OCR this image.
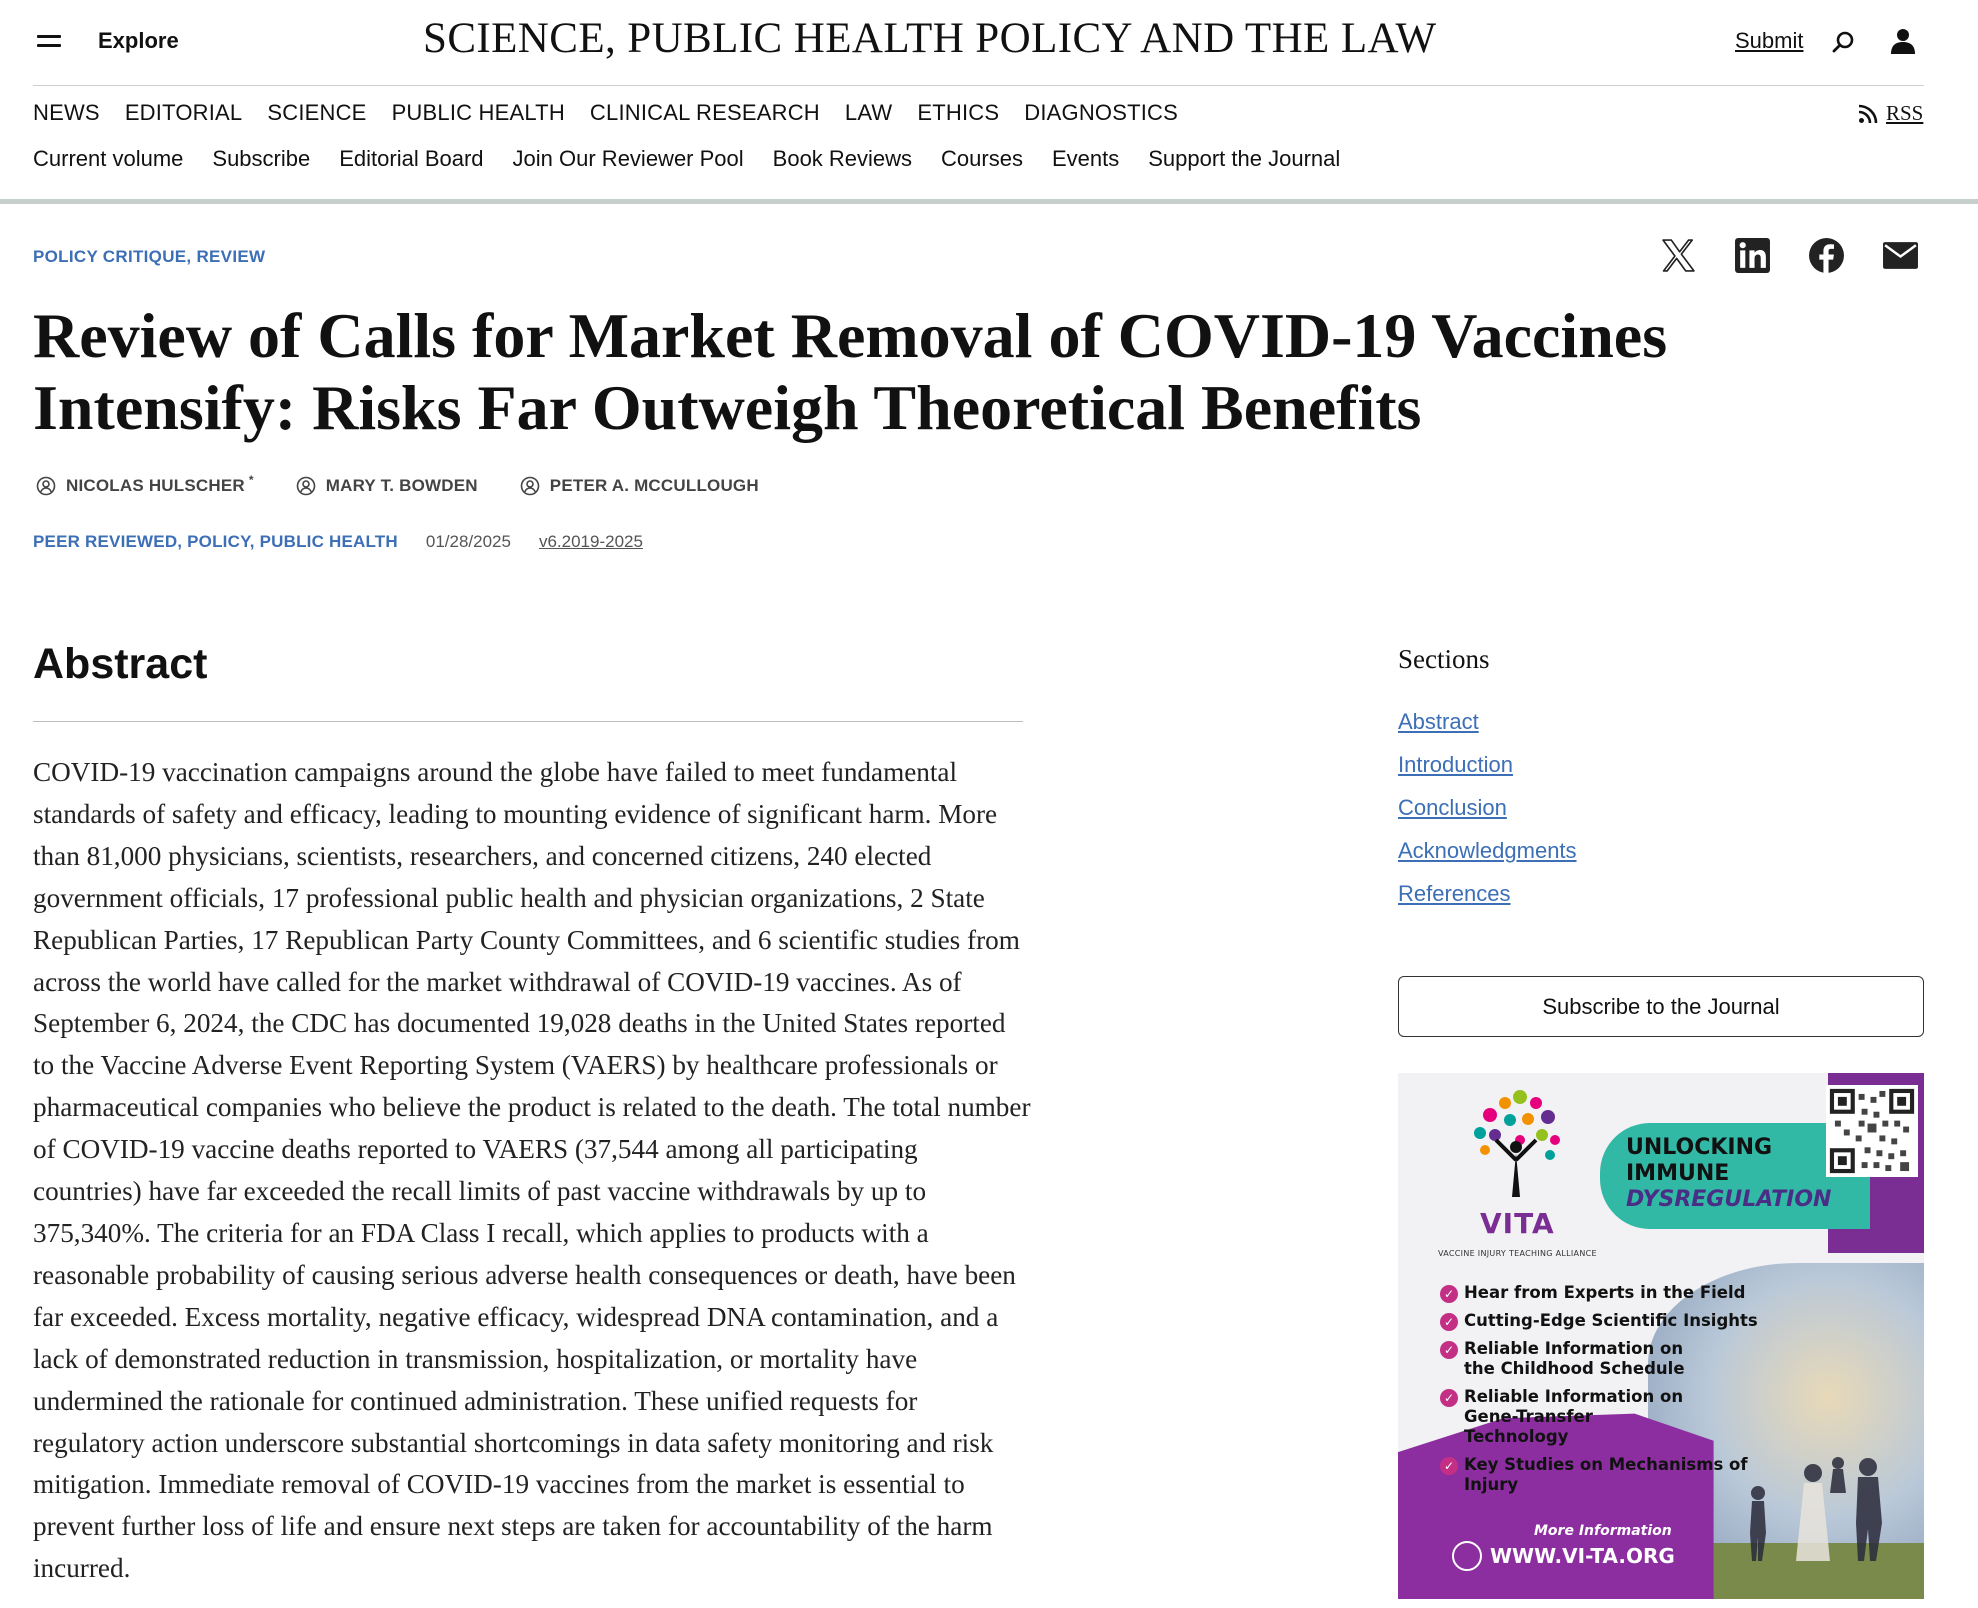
Explore	SCIENCE, PUBLIC HEALTH POLICY AND THE LAW	Submit
NEWS EDITORIAL SCIENCE PUBLIC HEALTH CLINICAL RESEARCH LAW ETHICS DIAGNOSTICS	RSS
Current volume Subscribe Editorial Board Join Our Reviewer Pool Book Reviews Courses Events Support the Journal
POLICY CRITIQUE, REVIEW
Review of Calls for Market Removal of COVID-19 Vaccines Intensify: Risks Far Outweigh Theoretical Benefits
NICOLAS HULSCHER *	MARY T. BOWDEN	PETER A. MCCULLOUGH
PEER REVIEWED, POLICY, PUBLIC HEALTH 01/28/2025 v6.2019-2025
Abstract

COVID-19 vaccination campaigns around the globe have failed to meet fundamental standards of safety and efficacy, leading to mounting evidence of significant harm. More than 81,000 physicians, scientists, researchers, and concerned citizens, 240 elected government officials, 17 professional public health and physician organizations, 2 State Republican Parties, 17 Republican Party County Committees, and 6 scientific studies from across the world have called for the market withdrawal of COVID-19 vaccines. As of September 6, 2024, the CDC has documented 19,028 deaths in the United States reported to the Vaccine Adverse Event Reporting System (VAERS) by healthcare professionals or pharmaceutical companies who believe the product is related to the death. The total number of COVID-19 vaccine deaths reported to VAERS (37,544 among all participating countries) have far exceeded the recall limits of past vaccine withdrawals by up to 375,340%. The criteria for an FDA Class I recall, which applies to products with a reasonable probability of causing serious adverse health consequences or death, have been far exceeded. Excess mortality, negative efficacy, widespread DNA contamination, and a lack of demonstrated reduction in transmission, hospitalization, or mortality have undermined the rationale for continued administration. These unified requests for regulatory action underscore substantial shortcomings in data safety monitoring and risk mitigation. Immediate removal of COVID-19 vaccines from the market is essential to prevent further loss of life and ensure next steps are taken for accountability of the harm incurred.

Sections
Abstract
Introduction
Conclusion
Acknowledgments
References
Subscribe to the Journal
UNLOCKING
IMMUNE
DYSREGULATION
VITA
VACCINE INJURY TEACHING ALLIANCE
✓ Hear from Experts in the Field
✓ Cutting-Edge Scientific Insights
✓ Reliable Information on the Childhood Schedule
✓ Reliable Information on Gene-Transfer Technology
✓ Key Studies on Mechanisms of Injury
More Information
WWW.VI-TA.ORG
